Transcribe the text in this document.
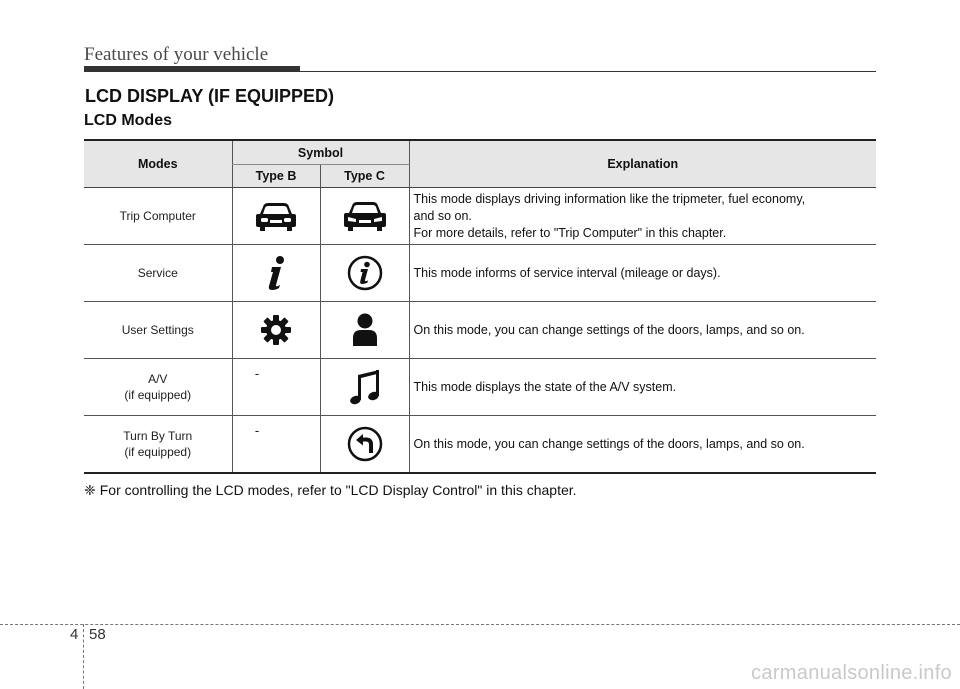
Features of your vehicle
LCD DISPLAY (IF EQUIPPED)
LCD Modes
Modes	Symbol		Explanation
	Type B	Type C	
Trip Computer			This mode displays driving information like the tripmeter, fuel economy,
and so on.
For more details, refer to "Trip Computer" in this chapter.

Service			This mode informs of service interval (mileage or days).

User Settings			On this mode, you can change settings of the doors, lamps, and so on.

A/V
(if equipped)	-		This mode displays the state of the A/V system.

Turn By Turn
(if equipped)	-		On this mode, you can change settings of the doors, lamps, and so on.
❈ For controlling the LCD modes, refer to "LCD Display Control" in this chapter.
4 58
carmanualsonline.info
